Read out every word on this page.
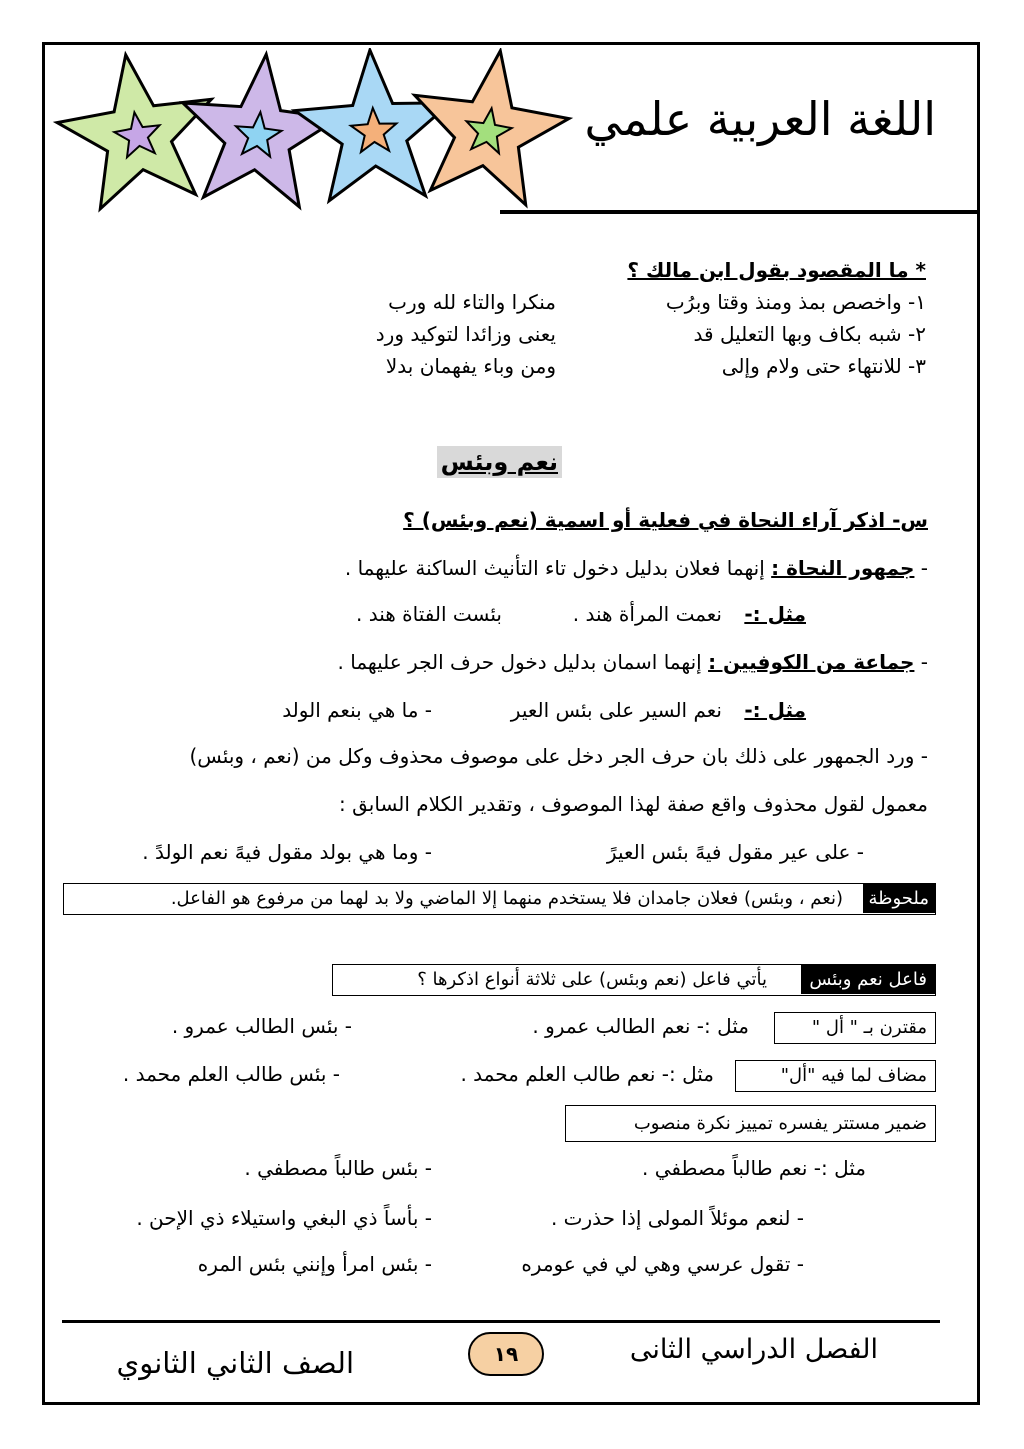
اللغة العربية علمي
* ما المقصود بقول ابن مالك ؟
١- واخصص بمذ ومنذ وقتا وبرُب
منكرا والتاء لله ورب
٢- شبه بكاف وبها التعليل قد
يعنى وزائدا لتوكيد ورد
٣- للانتهاء حتى ولام وإلى
ومن وباء يفهمان بدلا
نعم وبئس
س- اذكر آراء النحاة في فعلية أو اسمية (نعم وبئس) ؟
- جمهور النحاة : إنهما فعلان بدليل دخول تاء التأنيث الساكنة عليهما .
مثل :-
نعمت المرأة هند .
بئست الفتاة هند .
- جماعة من الكوفيين : إنهما اسمان بدليل دخول حرف الجر عليهما .
مثل :-
نعم السير على بئس العير
- ما هي بنعم الولد
- ورد الجمهور على ذلك بان حرف الجر دخل على موصوف محذوف وكل من (نعم ، وبئس)
معمول لقول محذوف واقع صفة لهذا الموصوف ، وتقدير الكلام السابق :
- على عير مقول فيهً بئس العيرً
- وما هي بولد مقول فيهً نعم الولدً .
ملحوظة
(نعم ، وبئس) فعلان جامدان فلا يستخدم منهما إلا الماضي ولا بد لهما من مرفوع هو الفاعل.
فاعل نعم وبئس
يأتي فاعل (نعم وبئس) على ثلاثة أنواع اذكرها ؟
مقترن بـ " أل "
مثل :- نعم الطالب عمرو .
- بئس الطالب عمرو .
مضاف لما فيه "أل"
مثل :- نعم طالب العلم محمد .
- بئس طالب العلم محمد .
ضمير مستتر يفسره تمييز نكرة منصوب
مثل :- نعم طالباً مصطفي .
- بئس طالباً مصطفي .
- لنعم موئلاً المولى إذا حذرت .
- بأساً ذي البغي واستيلاء ذي الإحن .
- تقول عرسي وهي لي في عومره
- بئس امرأ وإنني بئس المره
الفصل الدراسي الثانى
١٩
الصف الثاني الثانوي
